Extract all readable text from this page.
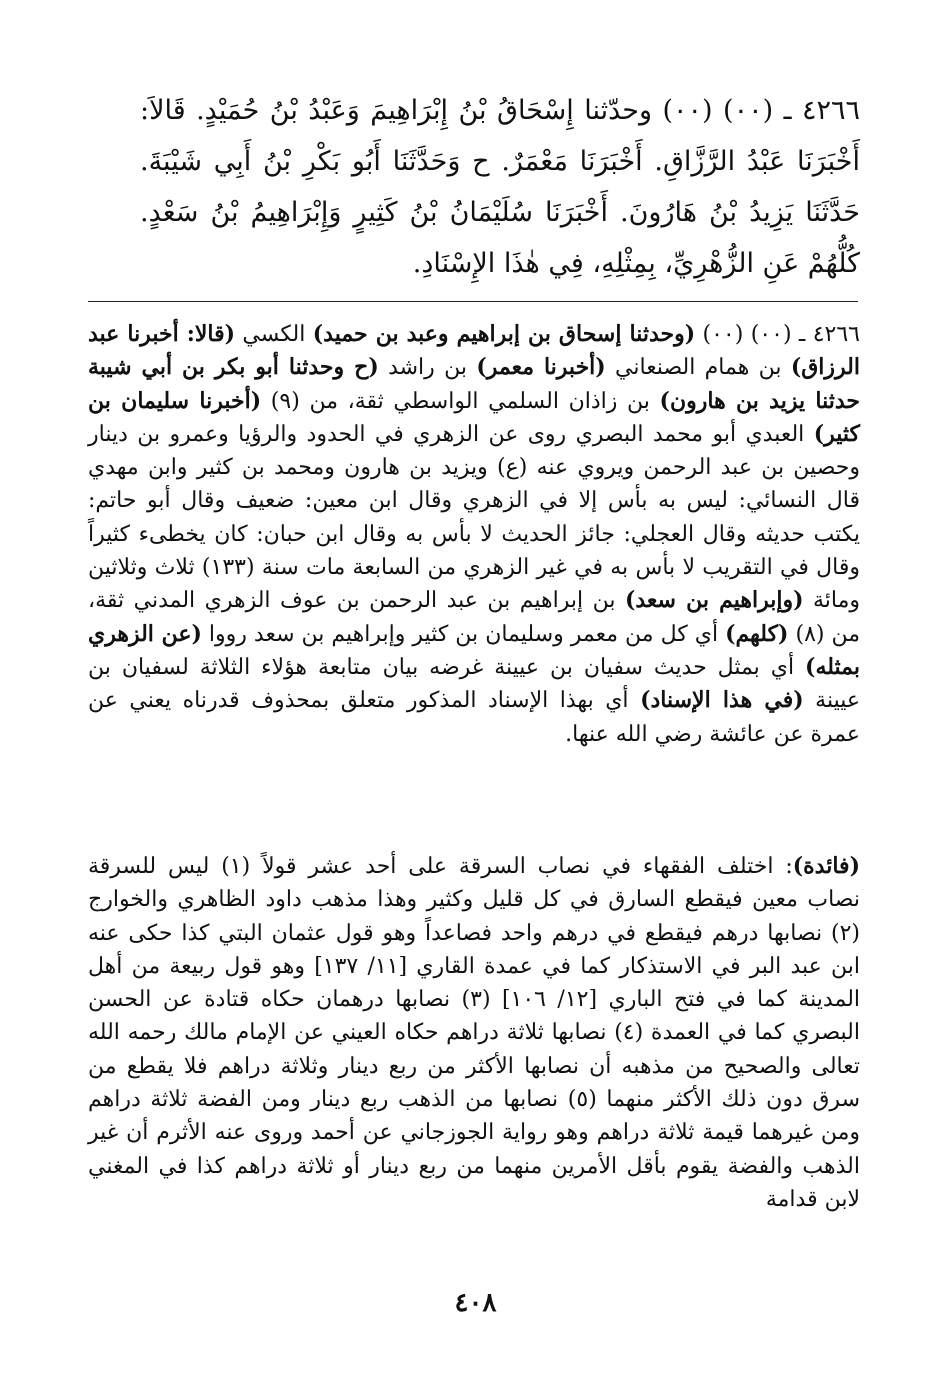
٤٢٦٦ ـ (٠٠) (٠٠) وحدّثنا إِسْحَاقُ بْنُ إِبْرَاهِيمَ وَعَبْدُ بْنُ حُمَيْدٍ. قَالاَ: أَخْبَرَنَا عَبْدُ الرَّزَّاقِ. أَخْبَرَنَا مَعْمَرٌ. ح وَحَدَّثَنَا أَبُو بَكْرِ بْنُ أَبِي شَيْبَةَ. حَدَّثَنَا يَزِيدُ بْنُ هَارُونَ. أَخْبَرَنَا سُلَيْمَانُ بْنُ كَثِيرٍ وَإِبْرَاهِيمُ بْنُ سَعْدٍ. كُلُّهُمْ عَنِ الزُّهْرِيِّ، بِمِثْلِهِ، فِي هٰذَا الإِسْنَادِ.

٤٢٦٦ ـ (٠٠) (٠٠) (وحدثنا إسحاق بن إبراهيم وعبد بن حميد) الكسي (قالا: أخبرنا عبد الرزاق) بن همام الصنعاني (أخبرنا معمر) بن راشد (ح وحدثنا أبو بكر بن أبي شيبة حدثنا يزيد بن هارون) بن زاذان السلمي الواسطي ثقة، من (٩) (أخبرنا سليمان بن كثير) العبدي أبو محمد البصري روى عن الزهري في الحدود والرؤيا وعمرو بن دينار وحصين بن عبد الرحمن ويروي عنه (ع) ويزيد بن هارون ومحمد بن كثير وابن مهدي قال النسائي: ليس به بأس إلا في الزهري وقال ابن معين: ضعيف وقال أبو حاتم: يكتب حديثه وقال العجلي: جائز الحديث لا بأس به وقال ابن حبان: كان يخطىء كثيراً وقال في التقريب لا بأس به في غير الزهري من السابعة مات سنة (١٣٣) ثلاث وثلاثين ومائة (وإبراهيم بن سعد) بن إبراهيم بن عبد الرحمن بن عوف الزهري المدني ثقة، من (٨) (كلهم) أي كل من معمر وسليمان بن كثير وإبراهيم بن سعد رووا (عن الزهري بمثله) أي بمثل حديث سفيان بن عيينة غرضه بيان متابعة هؤلاء الثلاثة لسفيان بن عيينة (في هذا الإسناد) أي بهذا الإسناد المذكور متعلق بمحذوف قدرناه يعني عن عمرة عن عائشة رضي الله عنها.

(فائدة): اختلف الفقهاء في نصاب السرقة على أحد عشر قولاً (١) ليس للسرقة نصاب معين فيقطع السارق في كل قليل وكثير وهذا مذهب داود الظاهري والخوارج (٢) نصابها درهم فيقطع في درهم واحد فصاعداً وهو قول عثمان البتي كذا حكى عنه ابن عبد البر في الاستذكار كما في عمدة القاري [١١/ ١٣٧] وهو قول ربيعة من أهل المدينة كما في فتح الباري [١٢/ ١٠٦] (٣) نصابها درهمان حكاه قتادة عن الحسن البصري كما في العمدة (٤) نصابها ثلاثة دراهم حكاه العيني عن الإمام مالك رحمه الله تعالى والصحيح من مذهبه أن نصابها الأكثر من ربع دينار وثلاثة دراهم فلا يقطع من سرق دون ذلك الأكثر منهما (٥) نصابها من الذهب ربع دينار ومن الفضة ثلاثة دراهم ومن غيرهما قيمة ثلاثة دراهم وهو رواية الجوزجاني عن أحمد وروى عنه الأثرم أن غير الذهب والفضة يقوم بأقل الأمرين منهما من ربع دينار أو ثلاثة دراهم كذا في المغني لابن قدامة

٤٠٨
